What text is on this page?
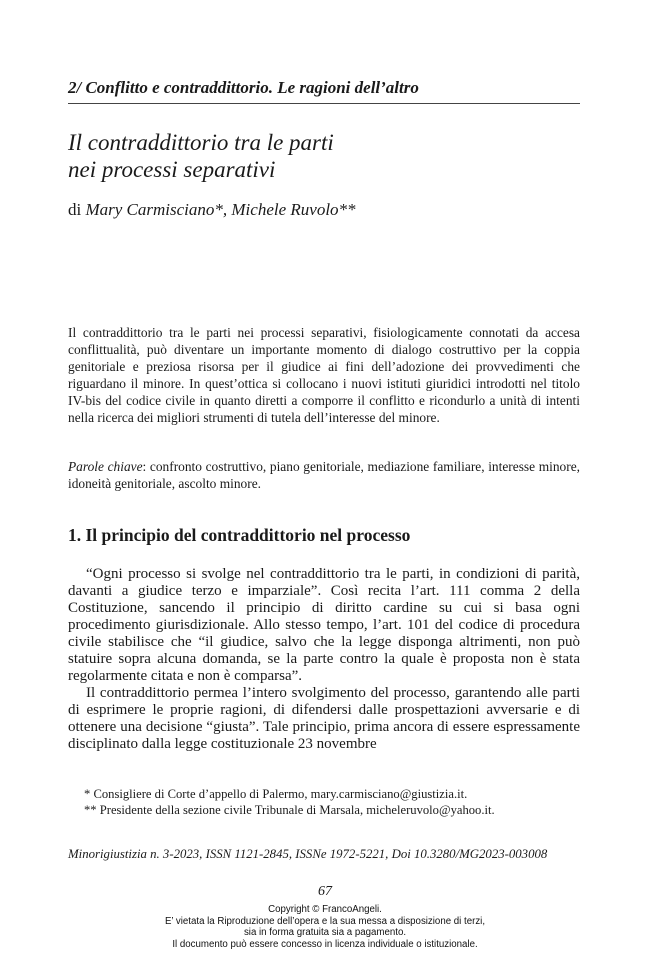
2/ Conflitto e contraddittorio. Le ragioni dell’altro
Il contraddittorio tra le parti
nei processi separativi
di Mary Carmisciano*, Michele Ruvolo**
Il contraddittorio tra le parti nei processi separativi, fisiologicamente connotati da accesa conflittualità, può diventare un importante momento di dialogo costruttivo per la coppia genitoriale e preziosa risorsa per il giudice ai fini dell’adozione dei provvedimenti che riguardano il minore. In quest’ottica si collocano i nuovi istituti giuridici introdotti nel titolo IV-bis del codice civile in quanto diretti a comporre il conflitto e ricondurlo a unità di intenti nella ricerca dei migliori strumenti di tutela dell’interesse del minore.
Parole chiave: confronto costruttivo, piano genitoriale, mediazione familiare, interesse minore, idoneità genitoriale, ascolto minore.
1. Il principio del contraddittorio nel processo

“Ogni processo si svolge nel contraddittorio tra le parti, in condizioni di parità, davanti a giudice terzo e imparziale”. Così recita l’art. 111 comma 2 della Costituzione, sancendo il principio di diritto cardine su cui si basa ogni procedimento giurisdizionale. Allo stesso tempo, l’art. 101 del codice di procedura civile stabilisce che “il giudice, salvo che la legge disponga altrimenti, non può statuire sopra alcuna domanda, se la parte contro la quale è proposta non è stata regolarmente citata e non è comparsa”.

Il contraddittorio permea l’intero svolgimento del processo, garantendo alle parti di esprimere le proprie ragioni, di difendersi dalle prospettazioni avversarie e di ottenere una decisione “giusta”. Tale principio, prima ancora di essere espressamente disciplinato dalla legge costituzionale 23 novembre

* Consigliere di Corte d’appello di Palermo, mary.carmisciano@giustizia.it.
** Presidente della sezione civile Tribunale di Marsala, micheleruvolo@yahoo.it.
Minorigiustizia n. 3-2023, ISSN 1121-2845, ISSNe 1972-5221, Doi 10.3280/MG2023-003008
67
Copyright © FrancoAngeli.
E’ vietata la Riproduzione dell’opera e la sua messa a disposizione di terzi,
sia in forma gratuita sia a pagamento.
Il documento può essere concesso in licenza individuale o istituzionale.
